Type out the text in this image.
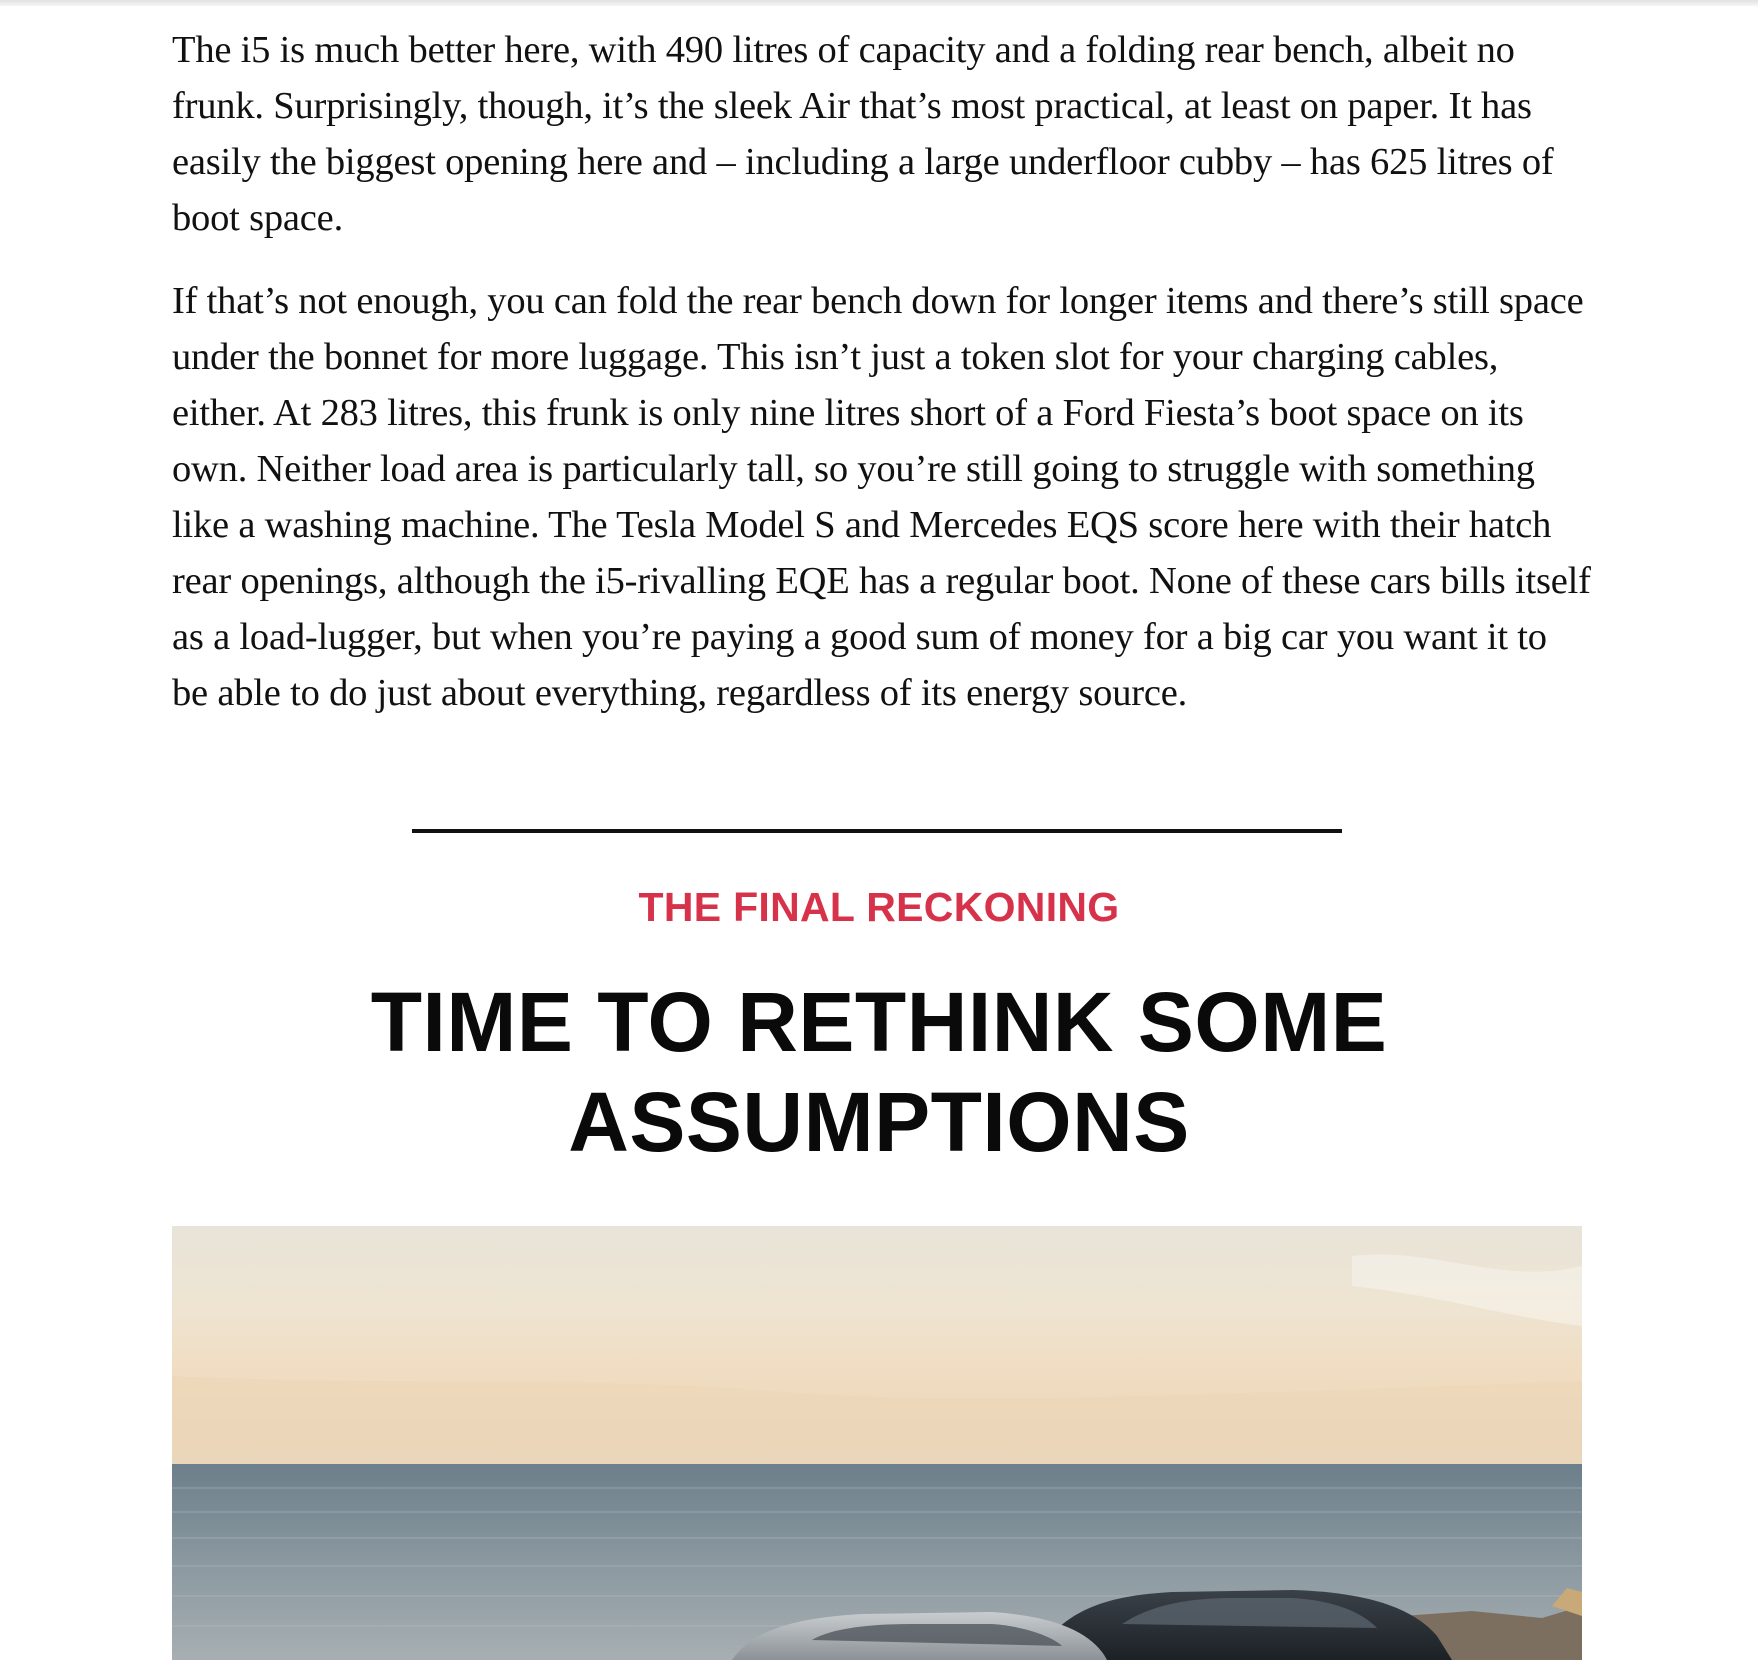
The i5 is much better here, with 490 litres of capacity and a folding rear bench, albeit no frunk. Surprisingly, though, it’s the sleek Air that’s most practical, at least on paper. It has easily the biggest opening here and – including a large underfloor cubby – has 625 litres of boot space.

If that’s not enough, you can fold the rear bench down for longer items and there’s still space under the bonnet for more luggage. This isn’t just a token slot for your charging cables, either. At 283 litres, this frunk is only nine litres short of a Ford Fiesta’s boot space on its own. Neither load area is particularly tall, so you’re still going to struggle with something like a washing machine. The Tesla Model S and Mercedes EQS score here with their hatch rear openings, although the i5-rivalling EQE has a regular boot. None of these cars bills itself as a load-lugger, but when you’re paying a good sum of money for a big car you want it to be able to do just about everything, regardless of its energy source.

THE FINAL RECKONING
TIME TO RETHINK SOME ASSUMPTIONS
